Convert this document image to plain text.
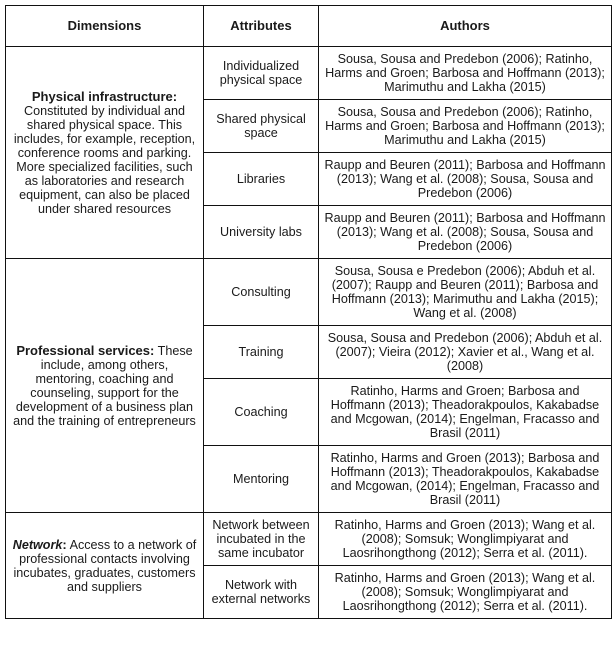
Dimensions	Attributes	Authors
Physical infrastructure:
Constituted by individual and shared physical space. This includes, for example, reception, conference rooms and parking. More specialized facilities, such as laboratories and research equipment, can also be placed under shared resources	Individualized physical space	Sousa, Sousa and Predebon (2006); Ratinho, Harms and Groen; Barbosa and Hoffmann (2013); Marimuthu and Lakha (2015)
	Shared physical space	Sousa, Sousa and Predebon (2006); Ratinho, Harms and Groen; Barbosa and Hoffmann (2013); Marimuthu and Lakha (2015)
	Libraries	Raupp and Beuren (2011); Barbosa and Hoffmann (2013); Wang et al. (2008); Sousa, Sousa and Predebon (2006)
	University labs	Raupp and Beuren (2011); Barbosa and Hoffmann (2013); Wang et al. (2008); Sousa, Sousa and Predebon (2006)
Professional services: These include, among others, mentoring, coaching and counseling, support for the development of a business plan and the training of entrepreneurs	Consulting	Sousa, Sousa e Predebon (2006); Abduh et al. (2007); Raupp and Beuren (2011); Barbosa and Hoffmann (2013); Marimuthu and Lakha (2015); Wang et al. (2008)
	Training	Sousa, Sousa and Predebon (2006); Abduh et al. (2007); Vieira (2012); Xavier et al., Wang et al. (2008)
	Coaching	Ratinho, Harms and Groen; Barbosa and Hoffmann (2013); Theadorakpoulos, Kakabadse and Mcgowan, (2014); Engelman, Fracasso and Brasil (2011)
	Mentoring	Ratinho, Harms and Groen (2013); Barbosa and Hoffmann (2013); Theadorakpoulos, Kakabadse and Mcgowan, (2014); Engelman, Fracasso and Brasil (2011)
Network: Access to a network of professional contacts involving incubates, graduates, customers and suppliers	Network between incubated in the same incubator	Ratinho, Harms and Groen (2013); Wang et al. (2008); Somsuk; Wonglimpiyarat and Laosrihongthong (2012); Serra et al. (2011).
	Network with external networks	Ratinho, Harms and Groen (2013); Wang et al. (2008); Somsuk; Wonglimpiyarat and Laosrihongthong (2012); Serra et al. (2011).
